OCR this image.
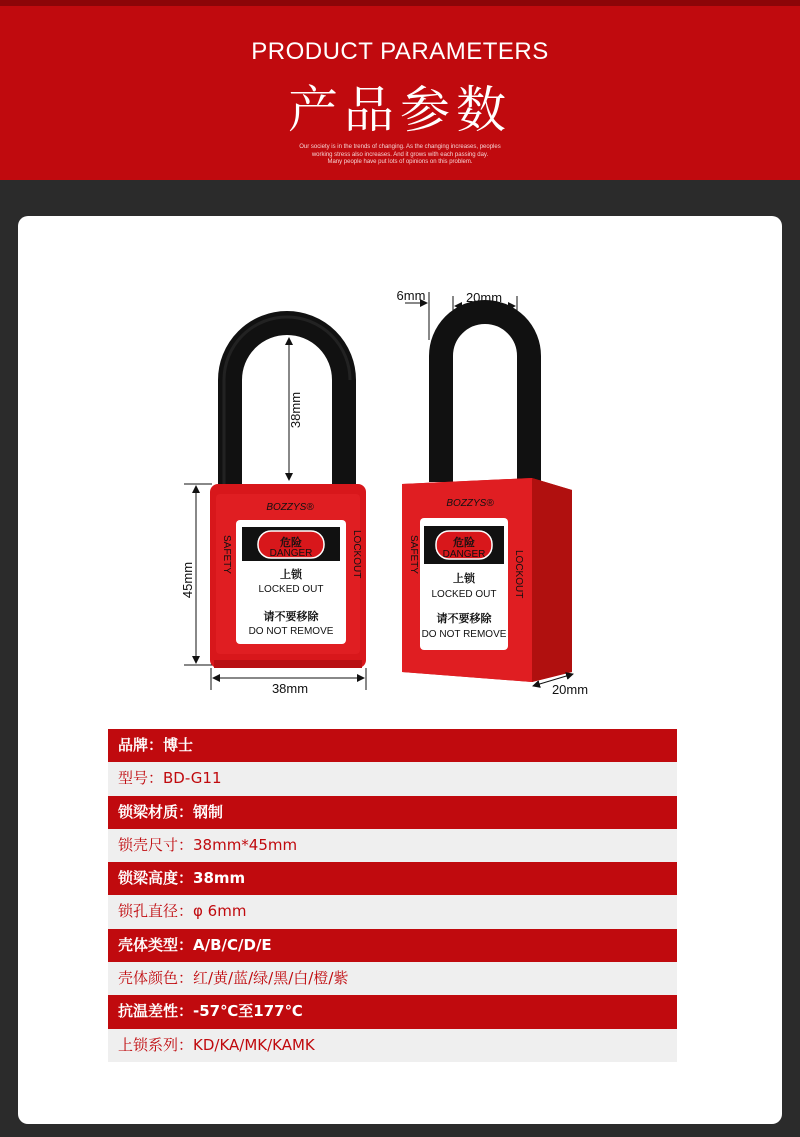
PRODUCT PARAMETERS
产品参数
Our society is in the trends of changing. As the changing increases, peoples
working stress also increases. And it grows with each passing day.
Many people have put lots of opinions on this problem.
BOZZYS®
SAFETY	LOCKOUT
危险
DANGER
上锁
LOCKED OUT
请不要移除
DO NOT REMOVE
38mm
45mm
38mm
BOZZYS®
SAFETY	LOCKOUT
危险
DANGER
上锁
LOCKED OUT
请不要移除
DO NOT REMOVE
6mm	20mm
20mm
品牌：博士
型号：BD-G11
锁梁材质：钢制
锁壳尺寸：38mm*45mm
锁梁高度：38mm
锁孔直径：φ 6mm
壳体类型：A/B/C/D/E
壳体颜色：红/黄/蓝/绿/黑/白/橙/紫
抗温差性：-57℃至177℃
上锁系列：KD/KA/MK/KAMK
